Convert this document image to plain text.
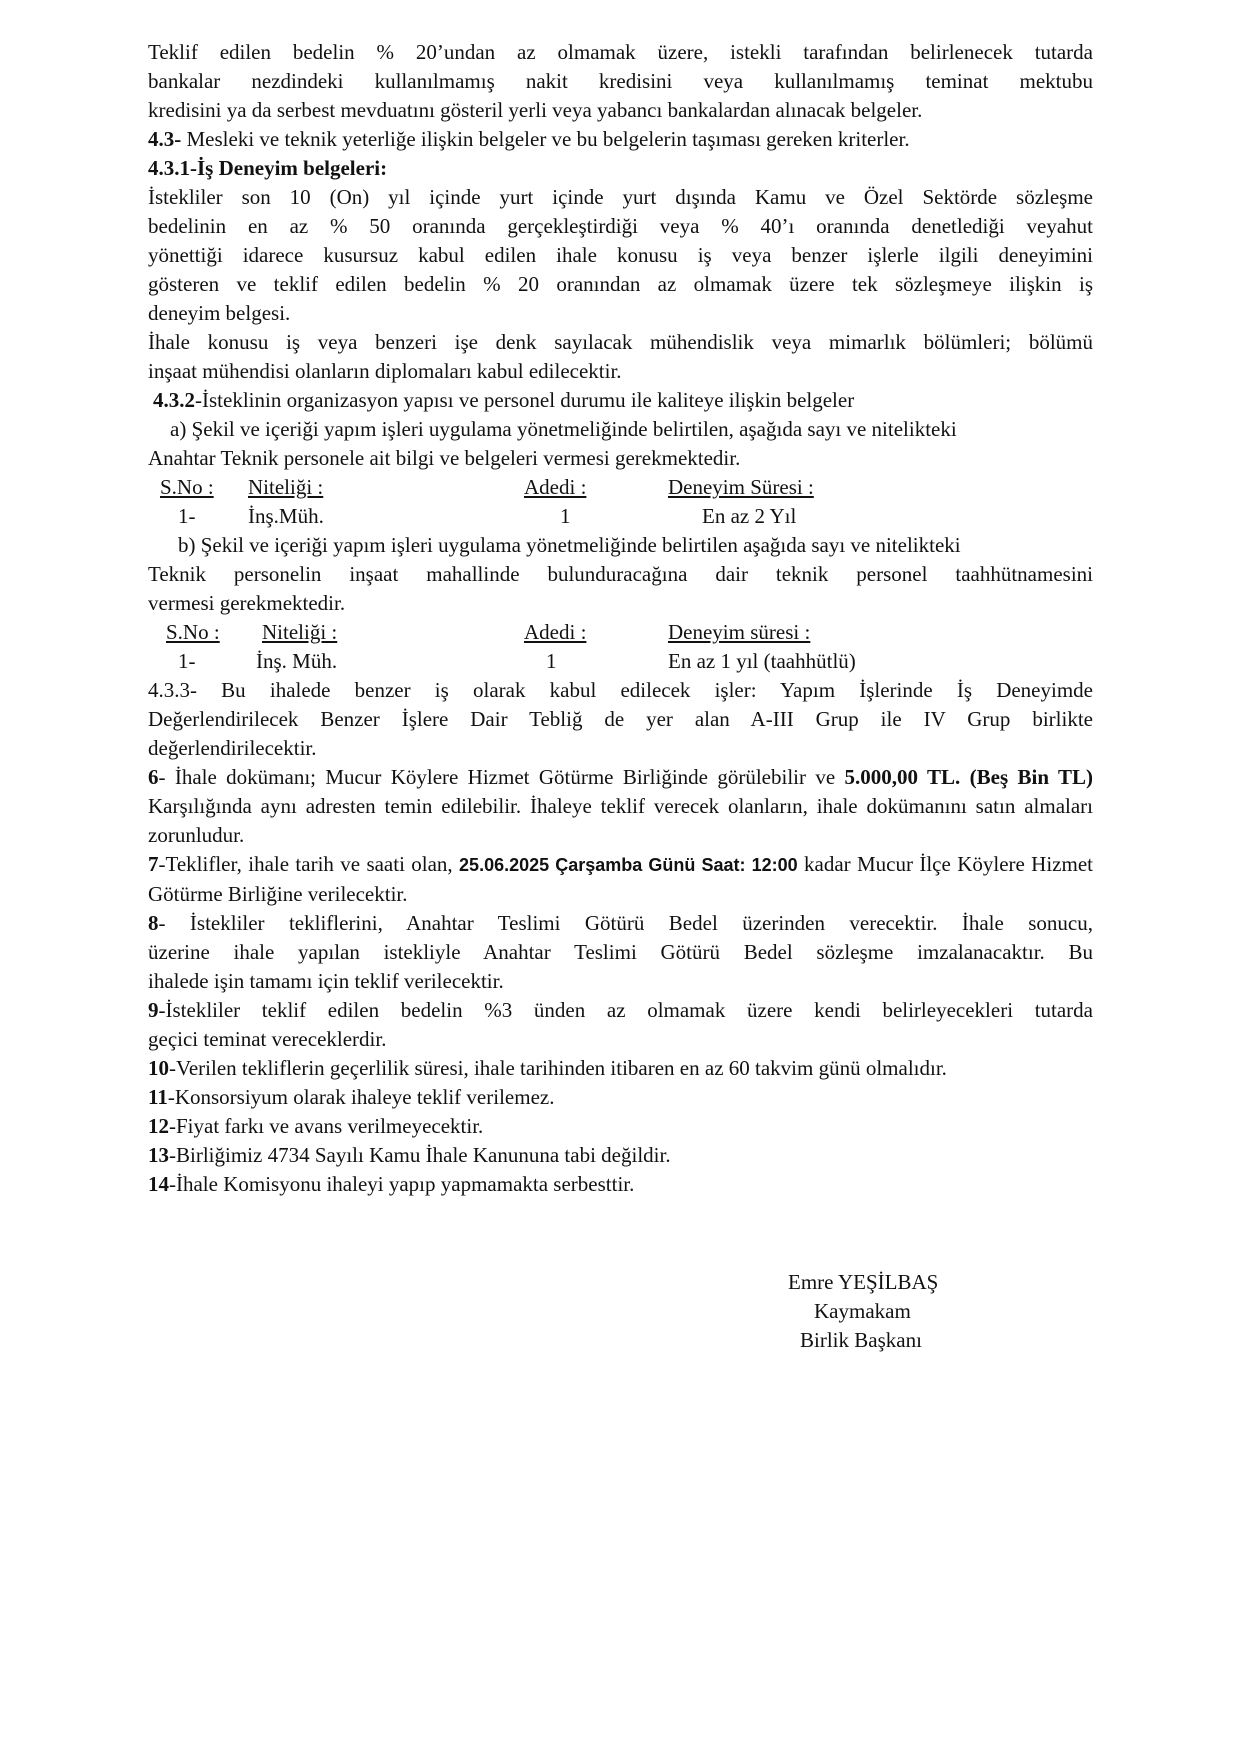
Teklif edilen bedelin % 20’undan az olmamak üzere, istekli tarafından belirlenecek tutarda

bankalar nezdindeki kullanılmamış nakit kredisini veya kullanılmamış teminat mektubu

kredisini ya da serbest mevduatını gösteril yerli veya yabancı bankalardan alınacak belgeler.

4.3- Mesleki ve teknik yeterliğe ilişkin belgeler ve bu belgelerin taşıması gereken kriterler.

4.3.1-İş Deneyim belgeleri:

İstekliler son 10 (On) yıl içinde yurt içinde yurt dışında Kamu ve Özel Sektörde sözleşme

bedelinin en az % 50 oranında gerçekleştirdiği veya % 40’ı oranında denetlediği veyahut

yönettiği idarece kusursuz kabul edilen ihale konusu iş veya benzer işlerle ilgili deneyimini

gösteren ve teklif edilen bedelin % 20 oranından az olmamak üzere tek sözleşmeye ilişkin iş

deneyim belgesi.

İhale konusu iş veya benzeri işe denk sayılacak mühendislik veya mimarlık bölümleri; bölümü

inşaat mühendisi olanların diplomaları kabul edilecektir.

4.3.2-İsteklinin organizasyon yapısı ve personel durumu ile kaliteye ilişkin belgeler

a) Şekil ve içeriği yapım işleri uygulama yönetmeliğinde belirtilen, aşağıda sayı ve nitelikteki

Anahtar Teknik personele ait bilgi ve belgeleri vermesi gerekmektedir.

S.No : Niteliği :	Adedi :	Deneyim Süresi :
1-	İnş.Müh.	1	En az 2 Yıl

b) Şekil ve içeriği yapım işleri uygulama yönetmeliğinde belirtilen aşağıda sayı ve nitelikteki

Teknik personelin inşaat mahallinde bulunduracağına dair teknik personel taahhütnamesini

vermesi gerekmektedir.

S.No : Niteliği :	Adedi :	Deneyim süresi :
1-	İnş. Müh.	1	En az 1 yıl (taahhütlü)

4.3.3- Bu ihalede benzer iş olarak kabul edilecek işler: Yapım İşlerinde İş Deneyimde

Değerlendirilecek Benzer İşlere Dair Tebliğ de yer alan A-III Grup ile IV Grup birlikte

değerlendirilecektir.

6- İhale dokümanı; Mucur Köylere Hizmet Götürme Birliğinde görülebilir ve 5.000,00 TL. (Beş Bin TL) Karşılığında aynı adresten temin edilebilir. İhaleye teklif verecek olanların, ihale dokümanını satın almaları zorunludur.

7-Teklifler, ihale tarih ve saati olan, 25.06.2025 Çarşamba Günü Saat: 12:00 kadar Mucur İlçe Köylere Hizmet Götürme Birliğine verilecektir.

8- İstekliler tekliflerini, Anahtar Teslimi Götürü Bedel üzerinden verecektir. İhale sonucu,

üzerine ihale yapılan istekliyle Anahtar Teslimi Götürü Bedel sözleşme imzalanacaktır. Bu

ihalede işin tamamı için teklif verilecektir.

9-İstekliler teklif edilen bedelin %3 ünden az olmamak üzere kendi belirleyecekleri tutarda

geçici teminat vereceklerdir.

10-Verilen tekliflerin geçerlilik süresi, ihale tarihinden itibaren en az 60 takvim günü olmalıdır.

11-Konsorsiyum olarak ihaleye teklif verilemez.

12-Fiyat farkı ve avans verilmeyecektir.

13-Birliğimiz 4734 Sayılı Kamu İhale Kanununa tabi değildir.

14-İhale Komisyonu ihaleyi yapıp yapmamakta serbesttir.

Emre YEŞİLBAŞ
Kaymakam
Birlik Başkanı
